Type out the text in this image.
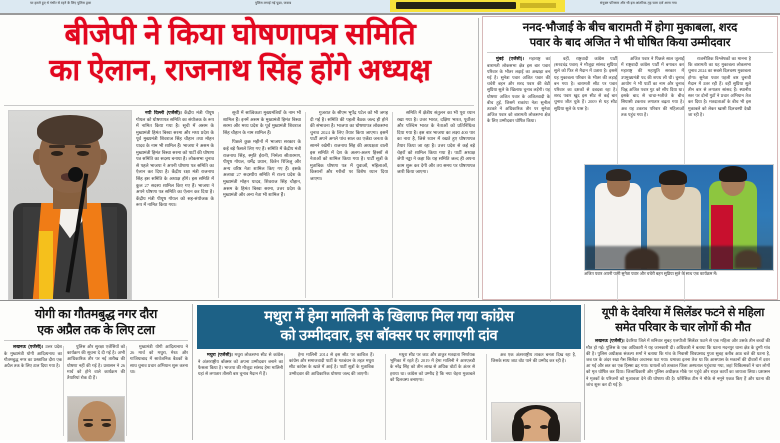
पर हमले हुए थे गंभीर से रहने के लिए पुलिस द्वारा	पुलिस लगाई गई पूछा, जवाब	संयुक्त परिणाम और भी इस आंतरिक-गृह चला दर्ज आना गया
बीजेपी ने किया घोषणापत्र समिति
का ऐलान, राजनाथ सिंह होंगे अध्यक्ष

नयी दिल्ली (एजेंसी)। केंद्रीय मंत्री पीयूष गोयल को घोषणापत्र समिति का संयोजक के रूप में नामित किया गया है। सूची में असम के मुख्यमंत्री हिमंत बिस्वा सरमा और मध्य प्रदेश के पूर्व मुख्यमंत्री शिवराज सिंह चौहान तथा मोहन यादव के नाम भी शामिल हैं। भाजपा ने असम के मुख्यमंत्री हिमंत बिस्वा सरमा को पार्टी की घोषणा पत्र समिति का सदस्य बनाया है। लोकसभा चुनाव से पहले भाजपा ने अपनी घोषणा पत्र समिति का ऐलान कर दिया है। केंद्रीय रक्षा मंत्री राजनाथ सिंह इस समिति के अध्यक्ष होंगे। इस समिति में कुल 27 सदस्य शामिल किए गए हैं। भाजपा ने अपने घोषणा पत्र समिति का ऐलान कर दिया है। केंद्रीय मंत्री पीयूष गोयल को सह-संयोजक के रूप में नामित किया गया।

सूची में सात्विकता मुख्यमंत्रियों के नाम भी शामिल हैं। इनमें असम के मुख्यमंत्री हिमंत बिस्वा सरमा और मध्य प्रदेश के पूर्व मुख्यमंत्री शिवराज सिंह चौहान के नाम शामिल हैं।

पिछले कुछ महीनों में भाजपा सरकार के कई बड़े फैसले लिए गए हैं। समिति में केंद्रीय मंत्री राजनाथ सिंह, स्मृति ईरानी, निर्मला सीतारमण, पीयूष गोयल, धर्मेंद्र प्रधान, किरेन रिजिजू और अन्य वरिष्ठ नेता शामिल किए गए हैं। इसके अलावा 27 सदस्यीय समिति में राज्य प्रदेश के मुख्यमंत्री मोहन यादव, शिवराज सिंह चौहान, असम के हिमंत बिस्वा सरमा, उत्तर प्रदेश के मुख्यमंत्री और अन्य नेता भी शामिल हैं।

गुजरात के सीएम भूपेंद्र पटेल को भी जगह दी गई है। समिति की पहली बैठक जल्द ही होने की संभावना है। भाजपा का घोषणापत्र लोकसभा चुनाव 2024 के लिए तैयार किया जाएगा। इसमें पार्टी अपने अगले पांच साल का एजेंडा जनता के सामने रखेगी। राजनाथ सिंह की अध्यक्षता वाली इस समिति में देश के अलग-अलग हिस्सों से नेताओं को शामिल किया गया है। पार्टी सूत्रों के मुताबिक घोषणा पत्र में युवाओं, महिलाओं, किसानों और गरीबों पर विशेष ध्यान दिया जाएगा।

समिति में क्षेत्रीय संतुलन का भी पूरा ध्यान रखा गया है। उत्तर भारत, दक्षिण भारत, पूर्वोत्तर और पश्चिम भारत के नेताओं को प्रतिनिधित्व दिया गया है। इस बार भाजपा का लक्ष्य 400 पार का नारा है, जिसे ध्यान में रखते हुए घोषणापत्र तैयार किया जा रहा है। उत्तर प्रदेश से कई बड़े चेहरों को शामिल किया गया है। पार्टी अध्यक्ष जेपी नड्डा ने कहा कि यह समिति जल्द ही अपना काम शुरू कर देगी और तय समय पर घोषणापत्र जारी किया जाएगा।

ननद-भौजाई के बीच बारामती में होगा मुकाबला, शरद
पवार के बाद अजित ने भी घोषित किया उम्मीदवार

मुंबई (एजेंसी)। महाराष्ट्र का बारामती लोकसभा क्षेत्र इस बार पवार परिवार के भीतर लड़ाई का अखाड़ा बन गई है। सुनेत्रा पवार अजित पवार की चचेरी बहन और शरद पवार की बेटी सुप्रिया सुले के खिलाफ चुनाव लड़ेंगी। यह घोषणा अजित पवार के अजितवादी के बीच हुई, जिसमें राकांपा नेता सुनील तटकरे ने अधिकारिक तौर पर सुनेत्रा अजित पवार को बारामती लोकसभा क्षेत्र के लिए उम्मीदवार घोषित किया।

वहीं, राष्ट्रवादी कांग्रेस पार्टी (शरदचंद्र पवार) ने मौजूदा सांसद सुप्रिया सुले को फिर से मैदान में उतारा है। इससे यह मुकाबला परिवार के भीतर की लड़ाई बन गया है। बारामती सीट पर पवार परिवार का दशकों से दबदबा रहा है। शरद पवार खुद इस सीट से कई बार चुनाव जीत चुके हैं। 2009 से यह सीट सुप्रिया सुले के पास है।

अजित पवार ने पिछले साल जुलाई में राष्ट्रवादी कांग्रेस पार्टी में बगावत कर महाराष्ट्र की महायुति सरकार में उपमुख्यमंत्री पद की शपथ ली थी। चुनाव आयोग ने भी पार्टी का नाम और चुनाव चिह्न अजित पवार गुट को सौंप दिया था। इसके बाद से चाचा-भतीजे के बीच सियासी टकराव लगातार बढ़ता गया है। अब यह टकराव परिवार की महिलाओं तक पहुंच गया है।

राजनीतिक विश्लेषकों का मानना है कि बारामती का यह मुकाबला लोकसभा चुनाव 2024 का सबसे दिलचस्प मुकाबला होगा। सुनेत्रा पवार पहली बार चुनावी मैदान में उतर रही हैं। वहीं सुप्रिया सुले तीन बार से लगातार सांसद हैं। स्थानीय स्तर पर दोनों गुटों ने प्रचार अभियान तेज कर दिया है। मतदाताओं के बीच भी इस मुकाबले को लेकर खासी दिलचस्पी देखी जा रही है।

अजित पवार अपनी पत्नी सुनेत्रा पवार और चचेरी बहन सुप्रिया सुले के साथ एक कार्यक्रम में।
योगी का गौतमबुद्ध नगर दौरा
एक अप्रैल तक के लिए टला

लखनऊ (एजेंसी)। उत्तर प्रदेश के मुख्यमंत्री योगी आदित्यनाथ का गौतमबुद्ध नगर का प्रस्तावित दौरा एक अप्रैल तक के लिए टाल दिया गया है।

पुलिस और सुरक्षा एजेंसियों को कार्यक्रम की सूचना दे दी गई है। अभी आधिकारिक तौर पर नई तारीख की घोषणा नहीं की गई है। प्रशासन ने 26 मार्च को होने वाले कार्यक्रम की तैयारियां रोक दी हैं।

मुख्यमंत्री योगी आदित्यनाथ ने 26 मार्च को मथुरा, मेरठ और गाजियाबाद में सार्वजनिक बैठकों के साथ चुनाव प्रचार अभियान शुरू करना था।

मथुरा में हेमा मालिनी के खिलाफ मिल गया कांग्रेस
को उम्मीदवार, इस बॉक्सर पर लगाएगी दांव

मथुरा (एजेंसी)। मथुरा लोकसभा सीट से कांग्रेस ने अंतरराष्ट्रीय बॉक्सर को अपना उम्मीदवार बनाने का फैसला किया है। भाजपा की मौजूदा सांसद हेमा मालिनी यहां से लगातार तीसरी बार चुनाव मैदान में हैं।

हेमा मालिनी 2014 से इस सीट पर काबिज हैं। कांग्रेस और समाजवादी पार्टी के गठबंधन के तहत मथुरा सीट कांग्रेस के खाते में आई है। पार्टी सूत्रों के मुताबिक उम्मीदवार की आधिकारिक घोषणा जल्द की जाएगी।

मथुरा सीट पर जाट और ठाकुर मतदाता निर्णायक भूमिका में रहते हैं। 2019 में हेमा मालिनी ने आरएलडी के नरेंद्र सिंह को तीन लाख से अधिक वोटों के अंतर से हराया था। कांग्रेस को उम्मीद है कि नया चेहरा मुकाबले को दिलचस्प बनाएगा।

अब एक अंतरराष्ट्रीय ताकत बनता दिख रहा है, जिसके साथ जाट वोट पाने की उम्मीद कर रही है।

यूपी के देवरिया में सिलेंडर फटने से महिला
समेत परिवार के चार लोगों की मौत

लखनऊ (एजेंसी)। देवरिया जिले में शनिवार सुबह एलपीजी सिलेंडर फटने से एक महिला और उसके तीन बच्चों की मौत हो गई। पुलिस के एक अधिकारी ने यह जानकारी दी। अधिकारी ने बताया कि घटना मदनपुर थाना क्षेत्र के दुग्गी गांव की है। पुलिस अधीक्षक संकल्प शर्मा ने बताया कि गांव के निवासी शिवप्रसाद गुप्ता सुबह करीब आठ बजे की घटना है, जब घर के अंदर रखा गैस सिलेंडर अचानक फट गया। धमाका इतना तेज था कि आसपास के मकानों की दीवारों में दरार आ गई और छत का एक हिस्सा ढह गया। घायलों को तत्काल जिला अस्पताल पहुंचाया गया, जहां चिकित्सकों ने चार लोगों को मृत घोषित कर दिया। जिलाधिकारी और पुलिस अधीक्षक मौके पर पहुंचे और राहत कार्यों का जायजा लिया। प्रशासन ने मृतकों के परिजनों को मुआवजा देने की घोषणा की है। फोरेंसिक टीम ने मौके से नमूने एकत्र किए हैं और घटना की जांच शुरू कर दी गई है।
